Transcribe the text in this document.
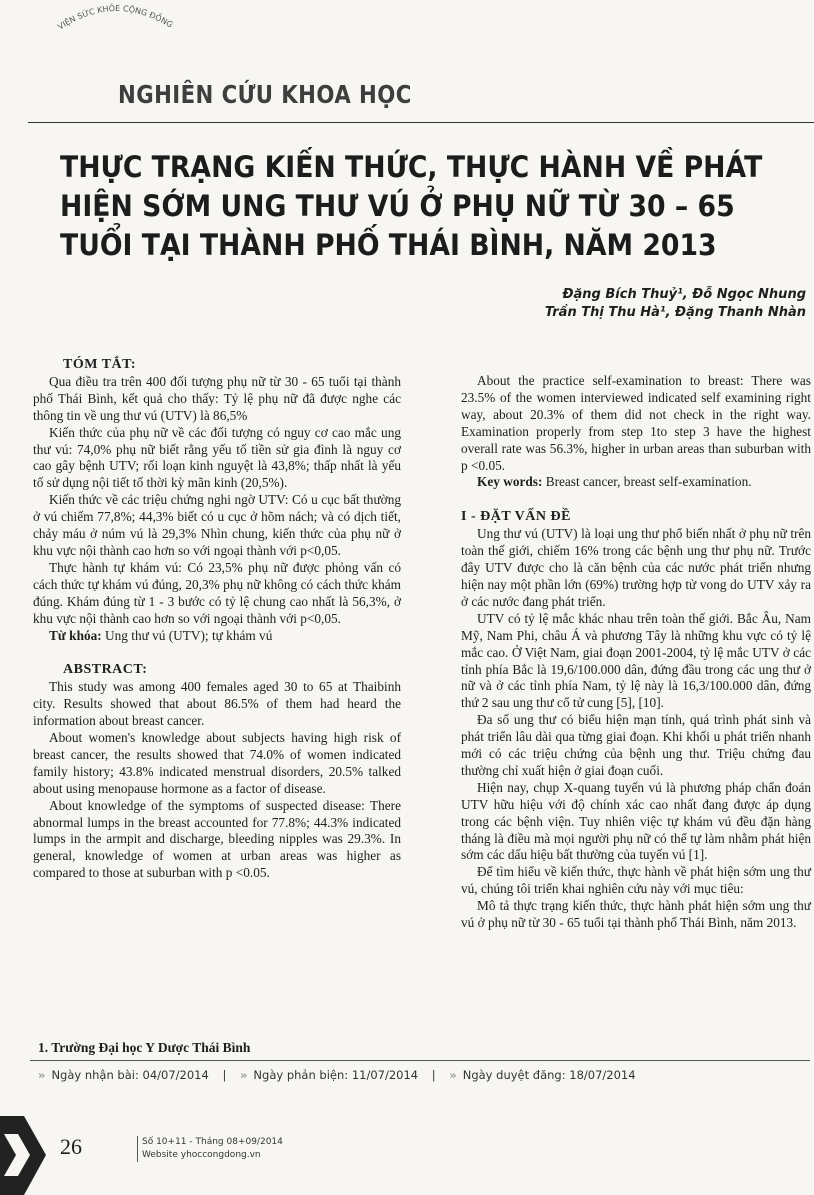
VIỆN SỨC KHỎE CỘNG ĐỒNG
NGHIÊN CỨU KHOA HỌC
THỰC TRẠNG KIẾN THỨC, THỰC HÀNH VỀ PHÁT
HIỆN SỚM UNG THƯ VÚ Ở PHỤ NỮ TỪ 30 – 65
TUỔI TẠI THÀNH PHỐ THÁI BÌNH, NĂM 2013
Đặng Bích Thuỷ¹, Đỗ Ngọc Nhung
Trần Thị Thu Hà¹, Đặng Thanh Nhàn
TÓM TẮT:

Qua điều tra trên 400 đối tượng phụ nữ từ 30 - 65 tuổi tại thành phố Thái Bình, kết quả cho thấy: Tỷ lệ phụ nữ đã được nghe các thông tin về ung thư vú (UTV) là 86,5%

Kiến thức của phụ nữ về các đối tượng có nguy cơ cao mắc ung thư vú: 74,0% phụ nữ biết rằng yếu tố tiền sử gia đình là nguy cơ cao gây bệnh UTV; rối loạn kinh nguyệt là 43,8%; thấp nhất là yếu tố sử dụng nội tiết tố thời kỳ mãn kinh (20,5%).

Kiến thức về các triệu chứng nghi ngờ UTV: Có u cục bất thường ở vú chiếm 77,8%; 44,3% biết có u cục ở hõm nách; và có dịch tiết, chảy máu ở núm vú là 29,3% Nhìn chung, kiến thức của phụ nữ ở khu vực nội thành cao hơn so với ngoại thành với p<0,05.

Thực hành tự khám vú: Có 23,5% phụ nữ được phỏng vấn có cách thức tự khám vú đúng, 20,3% phụ nữ không có cách thức khám đúng. Khám đúng từ 1 - 3 bước có tỷ lệ chung cao nhất là 56,3%, ở khu vực nội thành cao hơn so với ngoại thành với p<0,05.

Từ khóa: Ung thư vú (UTV); tự khám vú

ABSTRACT:

This study was among 400 females aged 30 to 65 at Thaibinh city. Results showed that about 86.5% of them had heard the information about breast cancer.

About women's knowledge about subjects having high risk of breast cancer, the results showed that 74.0% of women indicated family history; 43.8% indicated menstrual disorders, 20.5% talked about using menopause hormone as a factor of disease.

About knowledge of the symptoms of suspected disease: There abnormal lumps in the breast accounted for 77.8%; 44.3% indicated lumps in the armpit and discharge, bleeding nipples was 29.3%. In general, knowledge of women at urban areas was higher as compared to those at suburban with p <0.05.

About the practice self-examination to breast: There was 23.5% of the women interviewed indicated self examining right way, about 20.3% of them did not check in the right way. Examination properly from step 1to step 3 have the highest overall rate was 56.3%, higher in urban areas than suburban with p <0.05.

Key words: Breast cancer, breast self-examination.

I - ĐẶT VẤN ĐỀ

Ung thư vú (UTV) là loại ung thư phổ biến nhất ở phụ nữ trên toàn thế giới, chiếm 16% trong các bệnh ung thư phụ nữ. Trước đây UTV được cho là căn bệnh của các nước phát triển nhưng hiện nay một phần lớn (69%) trường hợp tử vong do UTV xảy ra ở các nước đang phát triển.

UTV có tỷ lệ mắc khác nhau trên toàn thế giới. Bắc Âu, Nam Mỹ, Nam Phi, châu Á và phương Tây là những khu vực có tỷ lệ mắc cao. Ở Việt Nam, giai đoạn 2001-2004, tỷ lệ mắc UTV ở các tỉnh phía Bắc là 19,6/100.000 dân, đứng đầu trong các ung thư ở nữ và ở các tỉnh phía Nam, tỷ lệ này là 16,3/100.000 dân, đứng thứ 2 sau ung thư cổ tử cung [5], [10].

Đa số ung thư có biểu hiện mạn tính, quá trình phát sinh và phát triển lâu dài qua từng giai đoạn. Khi khối u phát triển nhanh mới có các triệu chứng của bệnh ung thư. Triệu chứng đau thường chỉ xuất hiện ở giai đoạn cuối.

Hiện nay, chụp X-quang tuyến vú là phương pháp chẩn đoán UTV hữu hiệu với độ chính xác cao nhất đang được áp dụng trong các bệnh viện. Tuy nhiên việc tự khám vú đều đặn hàng tháng là điều mà mọi người phụ nữ có thể tự làm nhằm phát hiện sớm các dấu hiệu bất thường của tuyến vú [1].

Để tìm hiểu về kiến thức, thực hành về phát hiện sớm ung thư vú, chúng tôi triển khai nghiên cứu này với mục tiêu:

Mô tả thực trạng kiến thức, thực hành phát hiện sớm ung thư vú ở phụ nữ từ 30 - 65 tuổi tại thành phố Thái Bình, năm 2013.

1. Trường Đại học Y Dược Thái Bình
» Ngày nhận bài: 04/07/2014 | » Ngày phản biện: 11/07/2014 | » Ngày duyệt đăng: 18/07/2014
26	Số 10+11 - Tháng 08+09/2014
Website yhoccongdong.vn
